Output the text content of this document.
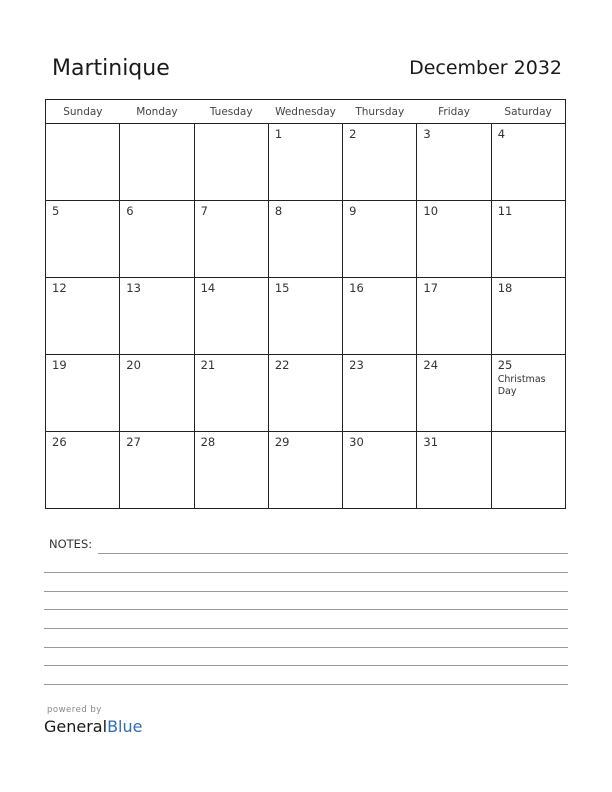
Martinique	December 2032
Sunday	Monday	Tuesday	Wednesday	Thursday	Friday	Saturday

			1	2	3	4

5	6	7	8	9	10	11

12	13	14	15	16	17	18

19	20	21	22	23	24	25
Christmas Day

26	27	28	29	30	31	

NOTES:
powered by
GeneralBlue
